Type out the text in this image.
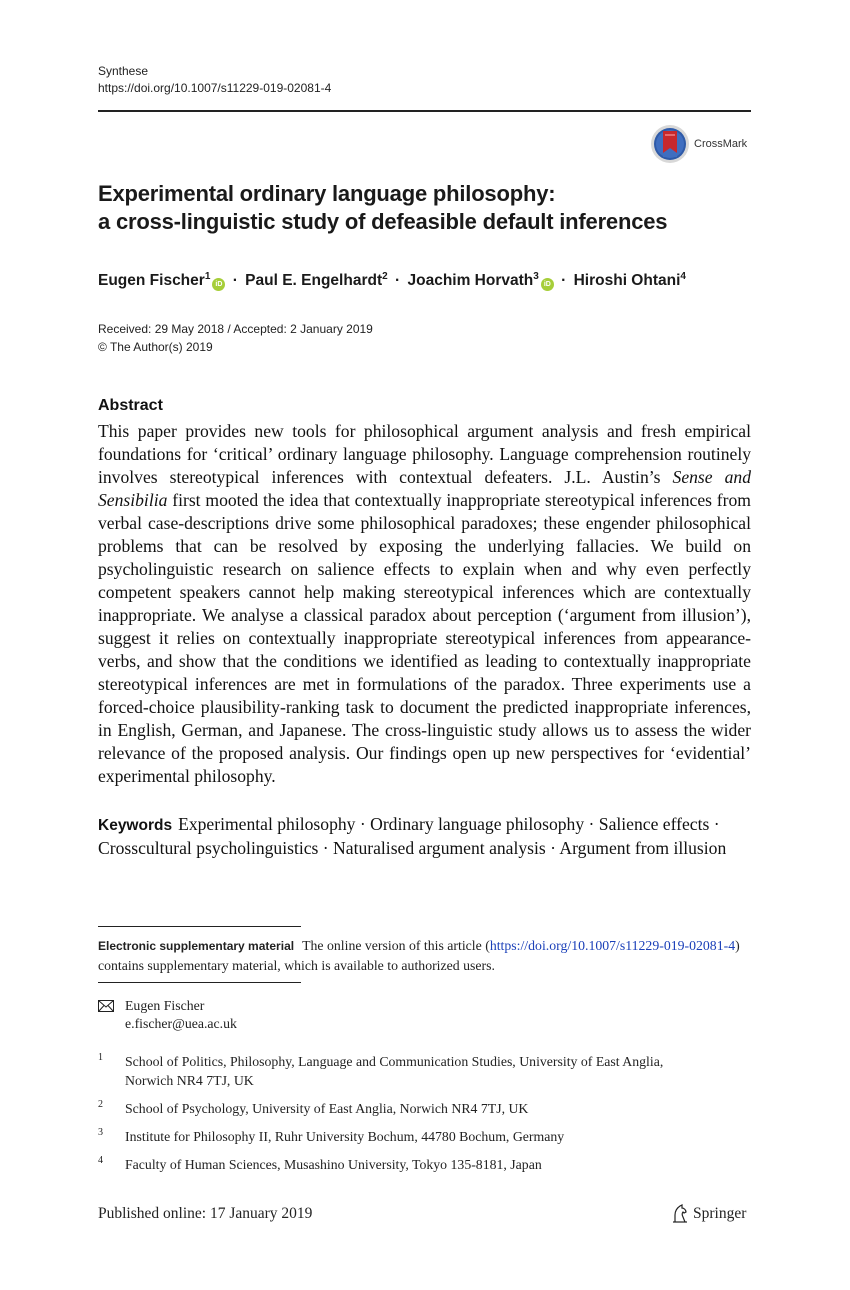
Synthese
https://doi.org/10.1007/s11229-019-02081-4
CrossMark
Experimental ordinary language philosophy:
a cross-linguistic study of defeasible default inferences
Eugen Fischer$^1$iD · Paul E. Engelhardt$^2$ · Joachim Horvath$^3$iD · Hiroshi Ohtani$^4$
Received: 29 May 2018 / Accepted: 2 January 2019
© The Author(s) 2019
Abstract
This paper provides new tools for philosophical argument analysis and fresh empirical foundations for ‘critical’ ordinary language philosophy. Language comprehension routinely involves stereotypical inferences with contextual defeaters. J.L. Austin’s Sense and Sensibilia first mooted the idea that contextually inappropriate stereotypical inferences from verbal case-descriptions drive some philosophical paradoxes; these engender philosophical problems that can be resolved by exposing the underlying fallacies. We build on psycholinguistic research on salience effects to explain when and why even perfectly competent speakers cannot help making stereotypical inferences which are contextually inappropriate. We analyse a classical paradox about perception (‘argument from illusion’), suggest it relies on contextually inappropriate stereotypical inferences from appearance-verbs, and show that the conditions we identified as leading to contextually inappropriate stereotypical inferences are met in formulations of the paradox. Three experiments use a forced-choice plausibility-ranking task to document the predicted inappropriate inferences, in English, German, and Japanese. The cross-linguistic study allows us to assess the wider relevance of the proposed analysis. Our findings open up new perspectives for ‘evidential’ experimental philosophy.
Keywords Experimental philosophy · Ordinary language philosophy · Salience effects · Crosscultural psycholinguistics · Naturalised argument analysis · Argument from illusion
Electronic supplementary material The online version of this article (https://doi.org/10.1007/s11229-019-02081-4) contains supplementary material, which is available to authorized users.
Eugen Fischer
e.fischer@uea.ac.uk
1 School of Politics, Philosophy, Language and Communication Studies, University of East Anglia, Norwich NR4 7TJ, UK
2 School of Psychology, University of East Anglia, Norwich NR4 7TJ, UK
3 Institute for Philosophy II, Ruhr University Bochum, 44780 Bochum, Germany
4 Faculty of Human Sciences, Musashino University, Tokyo 135-8181, Japan
Published online: 17 January 2019	Springer
